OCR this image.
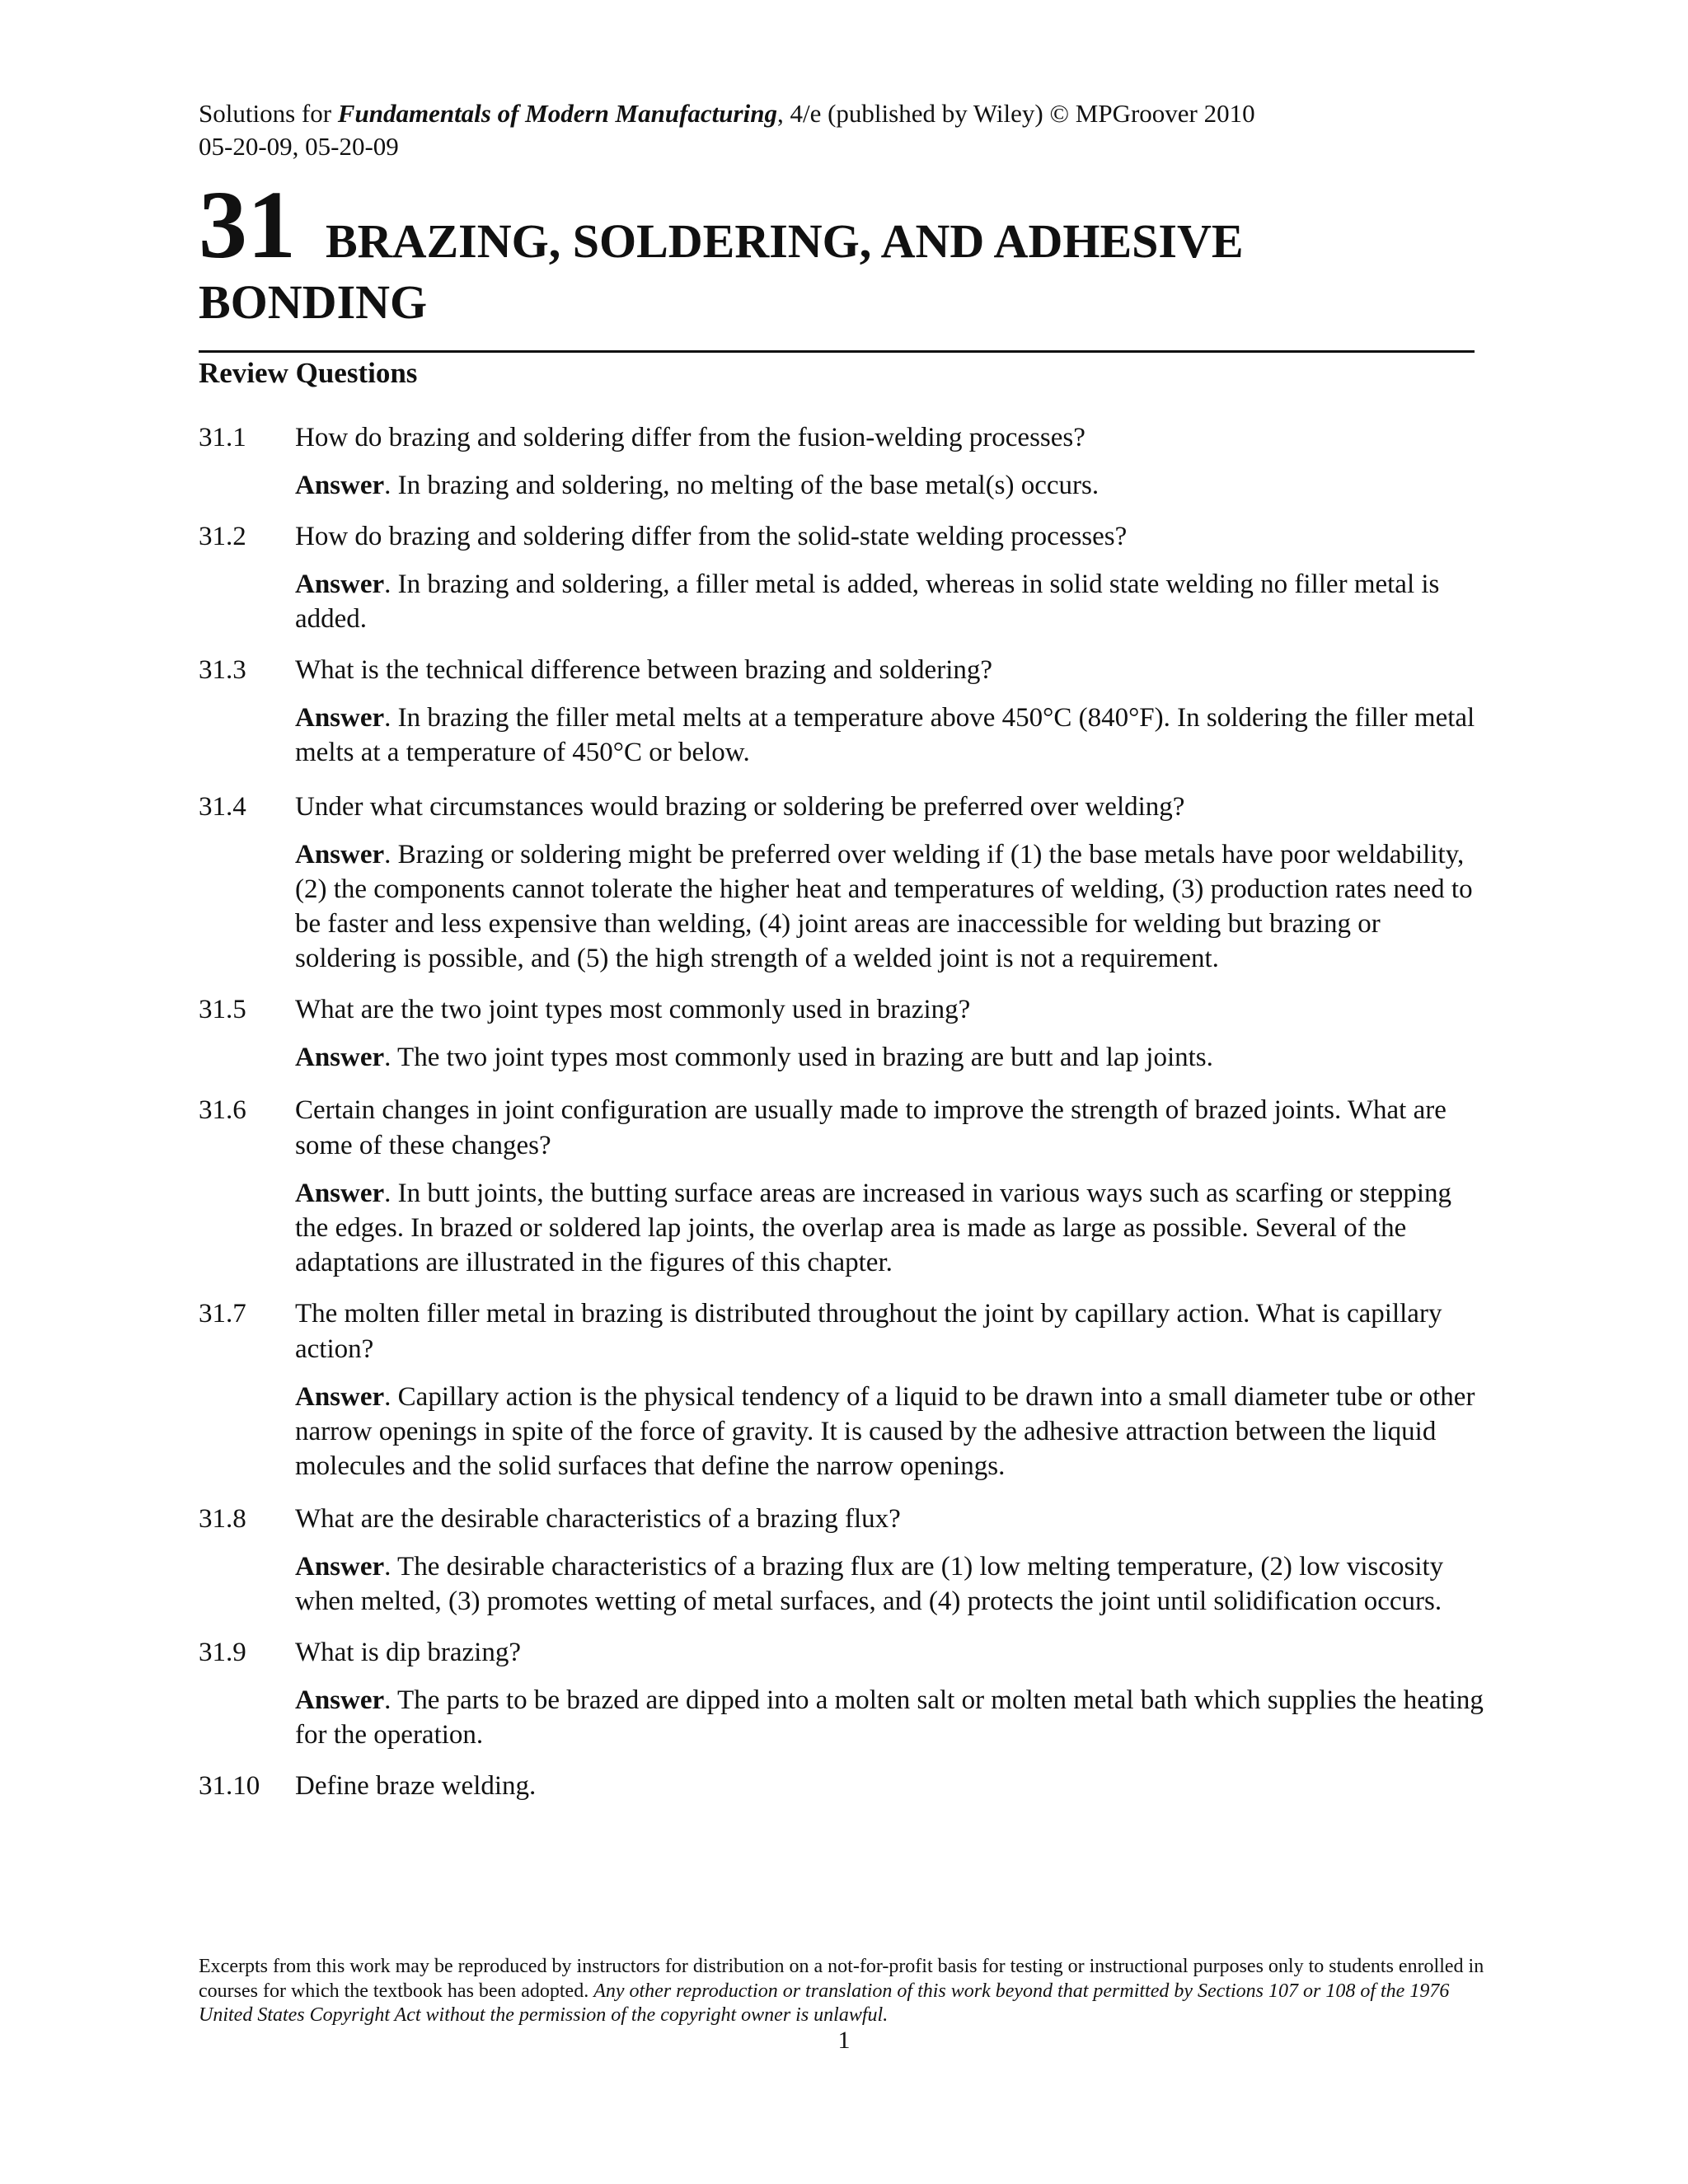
Solutions for Fundamentals of Modern Manufacturing, 4/e (published by Wiley) © MPGroover 2010
05-20-09, 05-20-09
31 BRAZING, SOLDERING, AND ADHESIVE
BONDING
Review Questions
31.1 How do brazing and soldering differ from the fusion-welding processes?
Answer. In brazing and soldering, no melting of the base metal(s) occurs.
31.2 How do brazing and soldering differ from the solid-state welding processes?
Answer. In brazing and soldering, a filler metal is added, whereas in solid state welding no filler metal is added.
31.3 What is the technical difference between brazing and soldering?
Answer. In brazing the filler metal melts at a temperature above 450°C (840°F). In soldering the filler metal melts at a temperature of 450°C or below.
31.4 Under what circumstances would brazing or soldering be preferred over welding?
Answer. Brazing or soldering might be preferred over welding if (1) the base metals have poor weldability, (2) the components cannot tolerate the higher heat and temperatures of welding, (3) production rates need to be faster and less expensive than welding, (4) joint areas are inaccessible for welding but brazing or soldering is possible, and (5) the high strength of a welded joint is not a requirement.
31.5 What are the two joint types most commonly used in brazing?
Answer. The two joint types most commonly used in brazing are butt and lap joints.
31.6 Certain changes in joint configuration are usually made to improve the strength of brazed joints. What are some of these changes?
Answer. In butt joints, the butting surface areas are increased in various ways such as scarfing or stepping the edges. In brazed or soldered lap joints, the overlap area is made as large as possible. Several of the adaptations are illustrated in the figures of this chapter.
31.7 The molten filler metal in brazing is distributed throughout the joint by capillary action. What is capillary action?
Answer. Capillary action is the physical tendency of a liquid to be drawn into a small diameter tube or other narrow openings in spite of the force of gravity. It is caused by the adhesive attraction between the liquid molecules and the solid surfaces that define the narrow openings.
31.8 What are the desirable characteristics of a brazing flux?
Answer. The desirable characteristics of a brazing flux are (1) low melting temperature, (2) low viscosity when melted, (3) promotes wetting of metal surfaces, and (4) protects the joint until solidification occurs.
31.9 What is dip brazing?
Answer. The parts to be brazed are dipped into a molten salt or molten metal bath which supplies the heating for the operation.
31.10 Define braze welding.
Excerpts from this work may be reproduced by instructors for distribution on a not-for-profit basis for testing or instructional purposes only to students enrolled in courses for which the textbook has been adopted. Any other reproduction or translation of this work beyond that permitted by Sections 107 or 108 of the 1976 United States Copyright Act without the permission of the copyright owner is unlawful.
1
